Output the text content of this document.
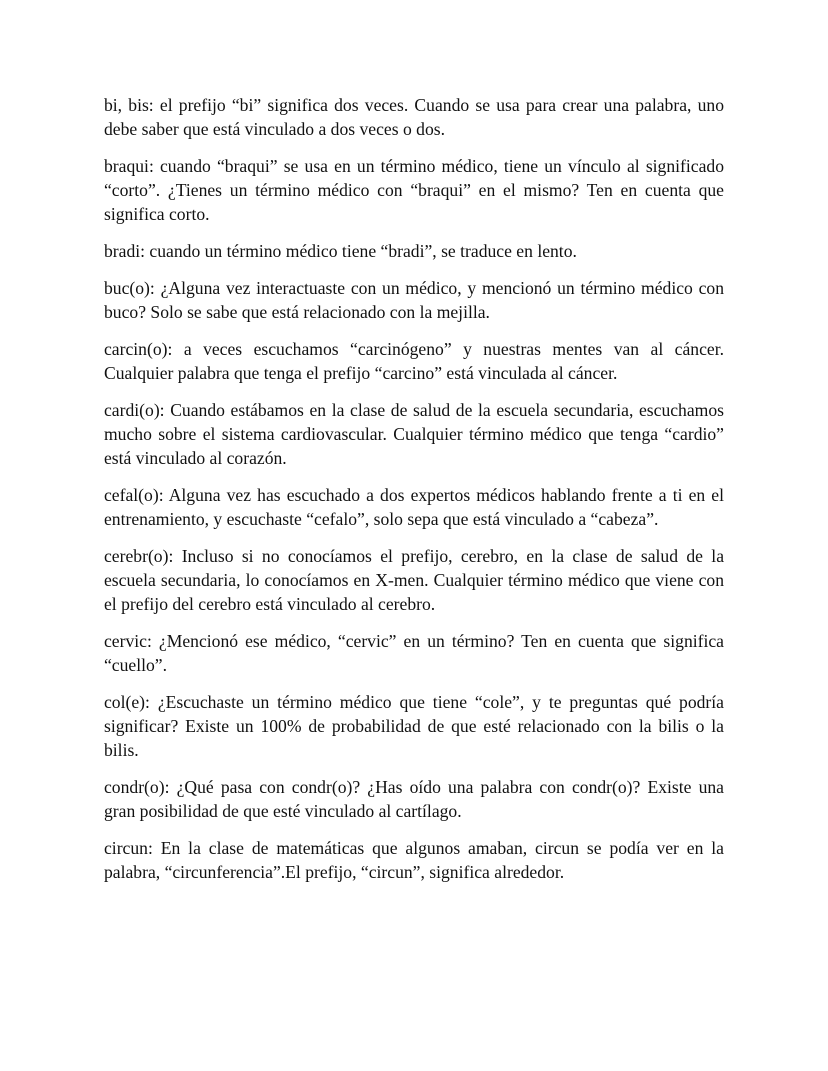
bi, bis: el prefijo “bi” significa dos veces. Cuando se usa para crear una palabra, uno debe saber que está vinculado a dos veces o dos.

braqui: cuando “braqui” se usa en un término médico, tiene un vínculo al significado “corto”. ¿Tienes un término médico con “braqui” en el mismo? Ten en cuenta que significa corto.

bradi: cuando un término médico tiene “bradi”, se traduce en lento.

buc(o): ¿Alguna vez interactuaste con un médico, y mencionó un término médico con buco? Solo se sabe que está relacionado con la mejilla.

carcin(o): a veces escuchamos “carcinógeno” y nuestras mentes van al cáncer. Cualquier palabra que tenga el prefijo “carcino” está vinculada al cáncer.

cardi(o): Cuando estábamos en la clase de salud de la escuela secundaria, escuchamos mucho sobre el sistema cardiovascular. Cualquier término médico que tenga “cardio” está vinculado al corazón.

cefal(o): Alguna vez has escuchado a dos expertos médicos hablando frente a ti en el entrenamiento, y escuchaste “cefalo”, solo sepa que está vinculado a “cabeza”.

cerebr(o): Incluso si no conocíamos el prefijo, cerebro, en la clase de salud de la escuela secundaria, lo conocíamos en X-men. Cualquier término médico que viene con el prefijo del cerebro está vinculado al cerebro.

cervic: ¿Mencionó ese médico, “cervic” en un término? Ten en cuenta que significa “cuello”.

col(e): ¿Escuchaste un término médico que tiene “cole”, y te preguntas qué podría significar? Existe un 100% de probabilidad de que esté relacionado con la bilis o la bilis.

condr(o): ¿Qué pasa con condr(o)? ¿Has oído una palabra con condr(o)? Existe una gran posibilidad de que esté vinculado al cartílago.

circun: En la clase de matemáticas que algunos amaban, circun se podía ver en la palabra, “circunferencia”.El prefijo, “circun”, significa alrededor.
